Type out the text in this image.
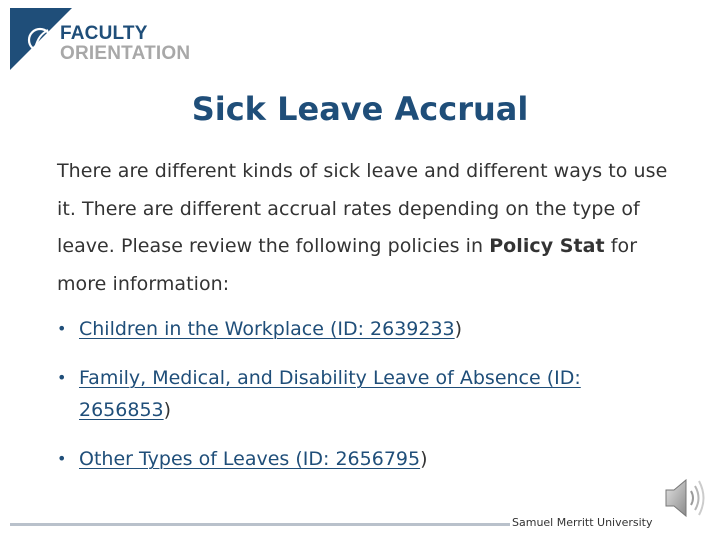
FACULTY
ORIENTATION
Sick Leave Accrual
There are different kinds of sick leave and different ways to use it. There are different accrual rates depending on the type of leave. Please review the following policies in Policy Stat for more information:
• Children in the Workplace (ID: 2639233)
• Family, Medical, and Disability Leave of Absence (ID: 2656853)
• Other Types of Leaves (ID: 2656795)
Samuel Merritt University
